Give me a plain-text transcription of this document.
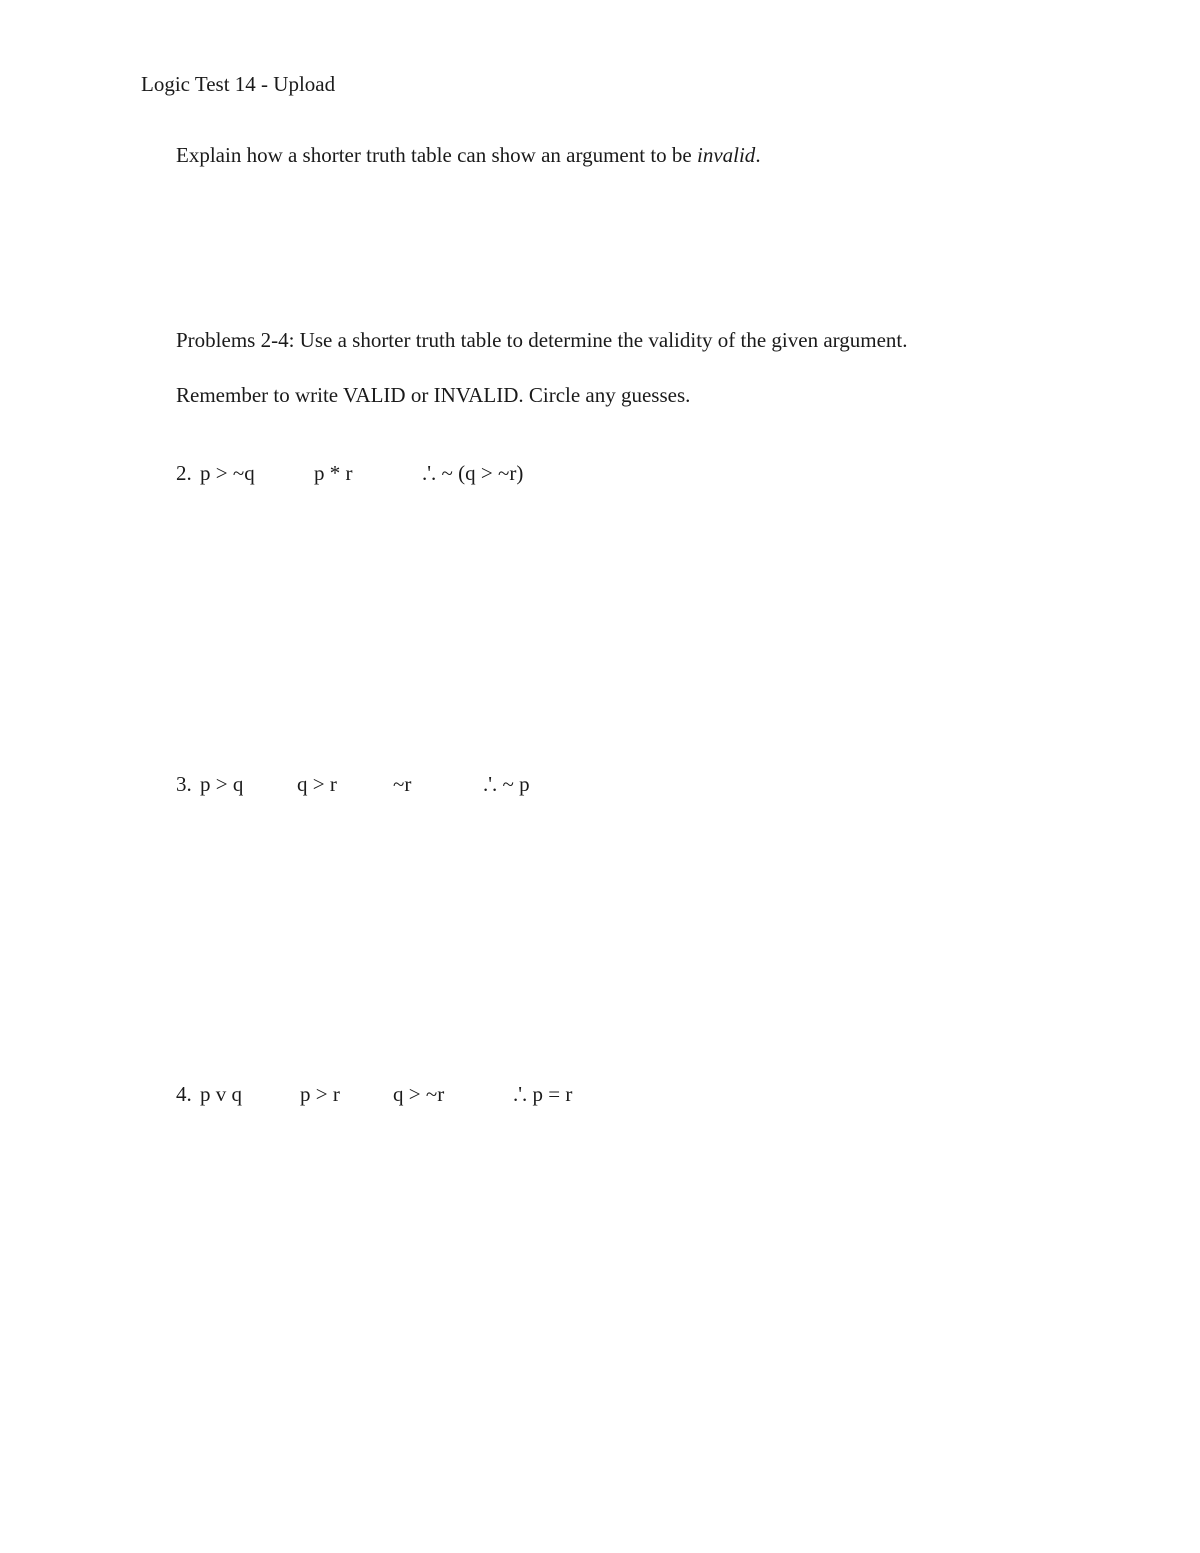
Logic Test 14 - Upload

Explain how a shorter truth table can show an argument to be invalid.

Problems 2-4: Use a shorter truth table to determine the validity of the given argument.

Remember to write VALID or INVALID. Circle any guesses.

2. p > ~q	p * r	.'. ~ (q > ~r)
3. p > q	q > r	~r	.'. ~ p
4. p v q	p > r	q > ~r	.'. p = r
